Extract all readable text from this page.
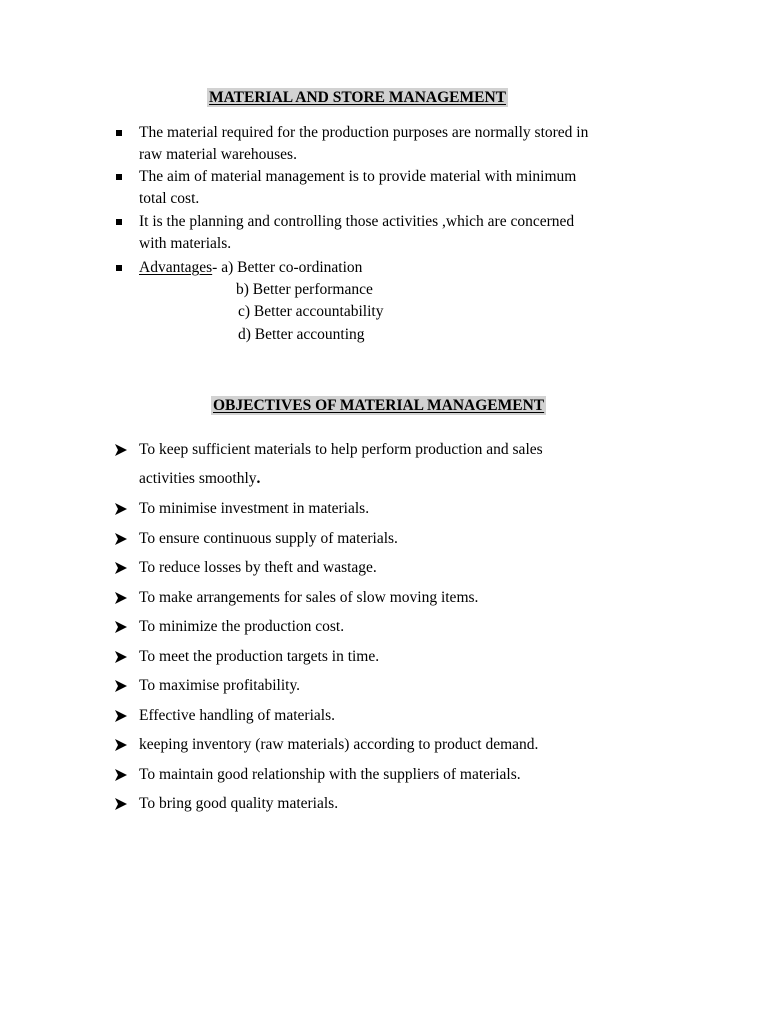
MATERIAL AND STORE MANAGEMENT
The material required for the production purposes are normally stored in
raw material warehouses.
The aim of material management is to provide material with minimum
total cost.
It is the planning and controlling those activities ,which are concerned
with materials.
Advantages- a) Better co-ordination
b) Better performance
c) Better accountability
d) Better accounting
OBJECTIVES OF MATERIAL MANAGEMENT
To keep sufficient materials to help perform production and sales
activities smoothly.
To minimise investment in materials.
To ensure continuous supply of materials.
To reduce losses by theft and wastage.
To make arrangements for sales of slow moving items.
To minimize the production cost.
To meet the production targets in time.
To maximise profitability.
Effective handling of materials.
keeping inventory (raw materials) according to product demand.
To maintain good relationship with the suppliers of materials.
To bring good quality materials.
